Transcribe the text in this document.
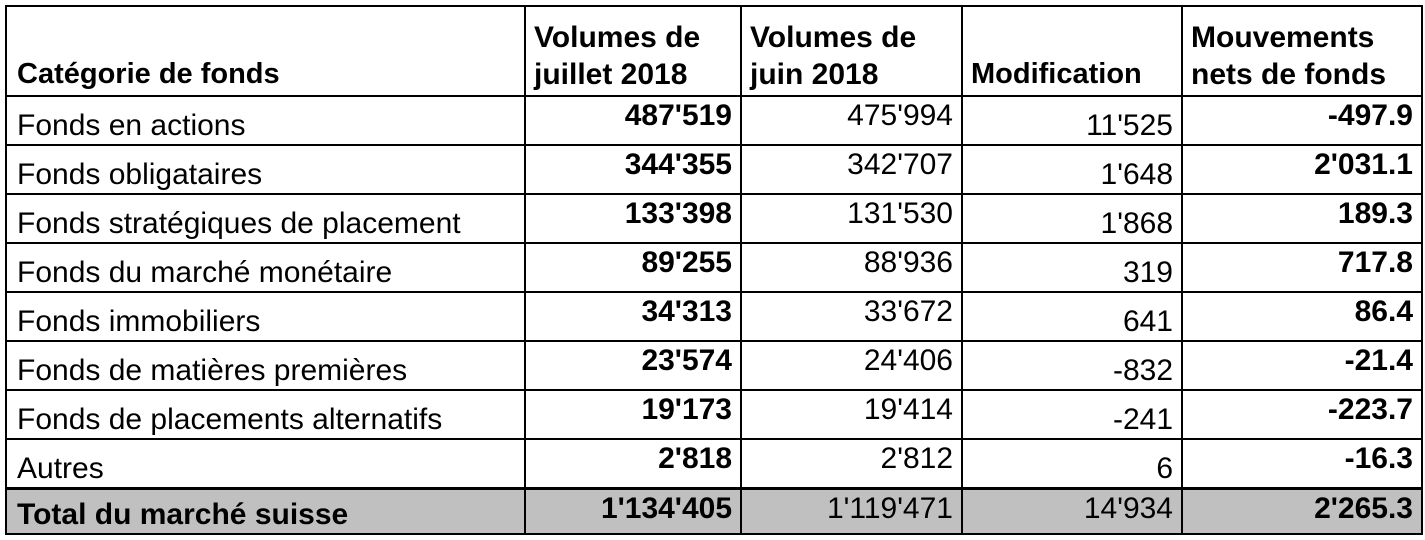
Catégorie de fonds	Volumes de juillet 2018	Volumes de juin 2018	Modification	Mouvements nets de fonds
Fonds en actions	487'519	475'994	11'525	-497.9
Fonds obligataires	344'355	342'707	1'648	2'031.1
Fonds stratégiques de placement	133'398	131'530	1'868	189.3
Fonds du marché monétaire	89'255	88'936	319	717.8
Fonds immobiliers	34'313	33'672	641	86.4
Fonds de matières premières	23'574	24'406	-832	-21.4
Fonds de placements alternatifs	19'173	19'414	-241	-223.7
Autres	2'818	2'812	6	-16.3
Total du marché suisse	1'134'405	1'119'471	14'934	2'265.3
